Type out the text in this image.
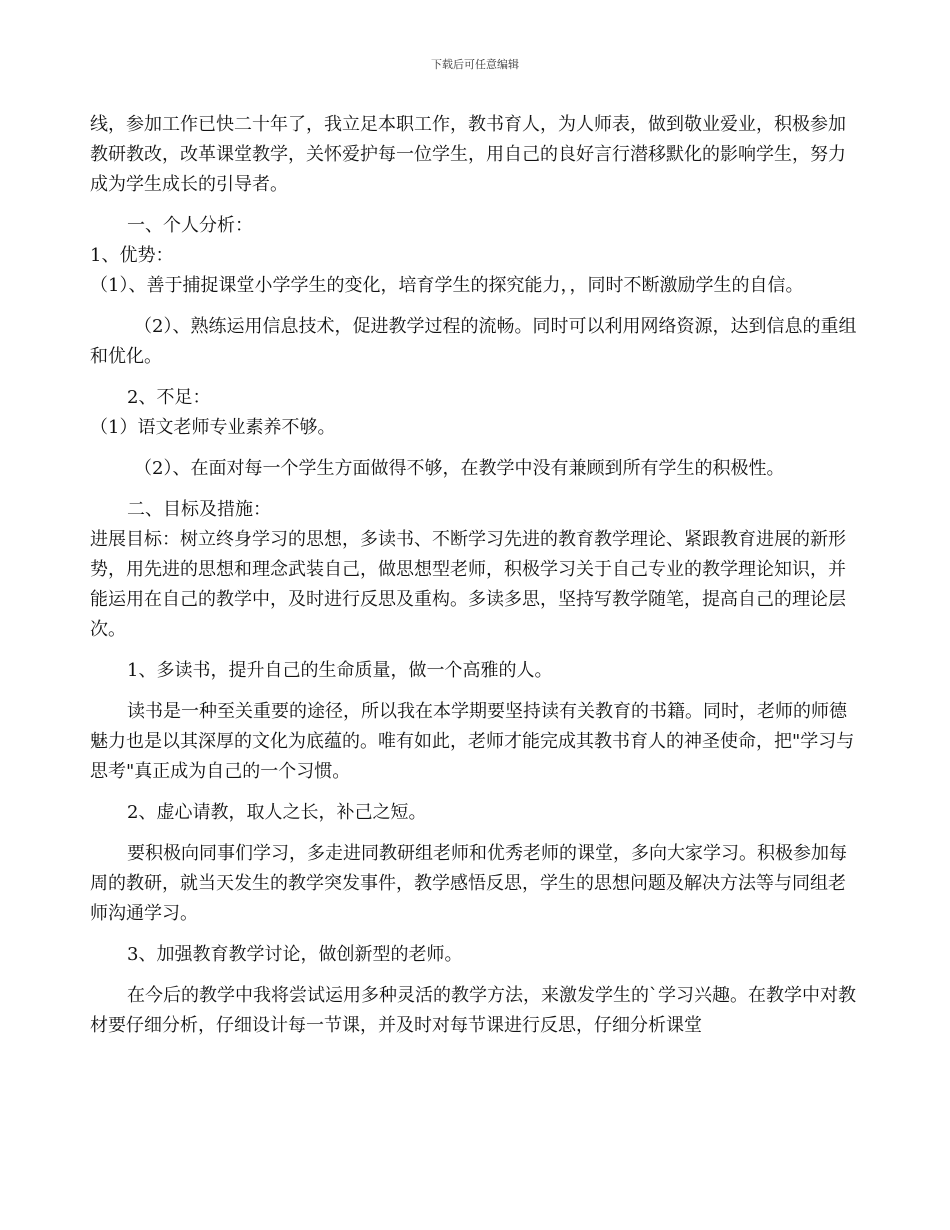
下载后可任意编辑

线，参加工作已快二十年了，我立足本职工作，教书育人，为人师表，做到敬业爱业，积极参加教研教改，改革课堂教学，关怀爱护每一位学生，用自己的良好言行潜移默化的影响学生，努力成为学生成长的引导者。

一、个人分析：

1、优势：

（1）、善于捕捉课堂小学学生的变化，培育学生的探究能力，，同时不断激励学生的自信。

（2）、熟练运用信息技术，促进教学过程的流畅。同时可以利用网络资源，达到信息的重组和优化。

2、不足：

（1）语文老师专业素养不够。

（2）、在面对每一个学生方面做得不够，在教学中没有兼顾到所有学生的积极性。

二、目标及措施：

进展目标：树立终身学习的思想，多读书、不断学习先进的教育教学理论、紧跟教育进展的新形势，用先进的思想和理念武装自己，做思想型老师，积极学习关于自己专业的教学理论知识，并能运用在自己的教学中，及时进行反思及重构。多读多思，坚持写教学随笔，提高自己的理论层次。

1、多读书，提升自己的生命质量，做一个高雅的人。

读书是一种至关重要的途径，所以我在本学期要坚持读有关教育的书籍。同时，老师的师德魅力也是以其深厚的文化为底蕴的。唯有如此，老师才能完成其教书育人的神圣使命，把"学习与思考"真正成为自己的一个习惯。

2、虚心请教，取人之长，补己之短。

要积极向同事们学习，多走进同教研组老师和优秀老师的课堂，多向大家学习。积极参加每周的教研，就当天发生的教学突发事件，教学感悟反思，学生的思想问题及解决方法等与同组老师沟通学习。

3、加强教育教学讨论，做创新型的老师。

在今后的教学中我将尝试运用多种灵活的教学方法，来激发学生的`学习兴趣。在教学中对教材要仔细分析，仔细设计每一节课，并及时对每节课进行反思，仔细分析课堂
